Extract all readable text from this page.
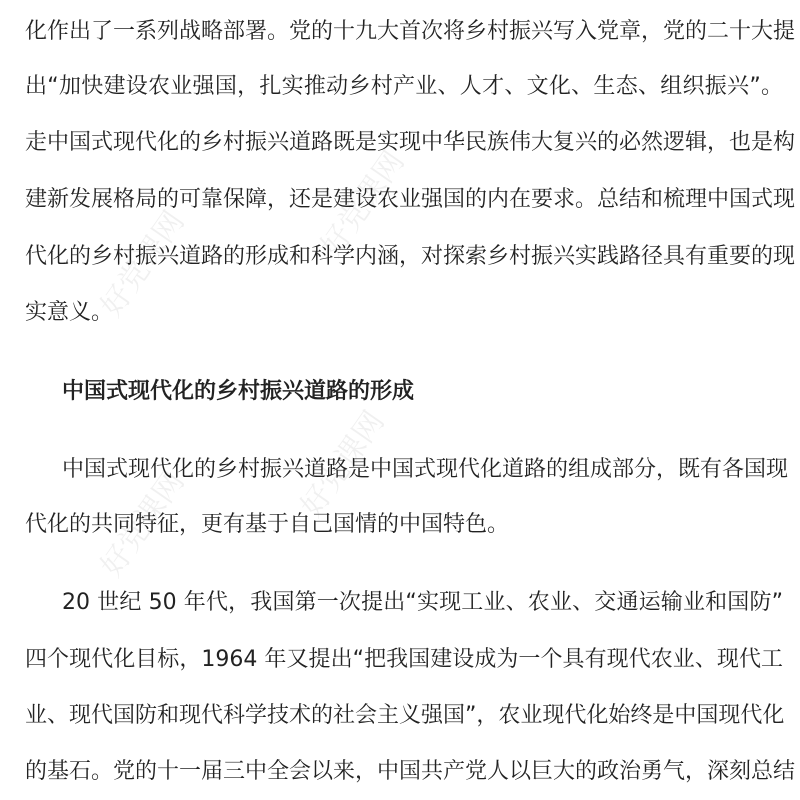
好党课网
好党课网
好党课网
好党课网
化作出了一系列战略部署。党的十九大首次将乡村振兴写入党章，党的二十大提
出“加快建设农业强国，扎实推动乡村产业、人才、文化、生态、组织振兴”。
走中国式现代化的乡村振兴道路既是实现中华民族伟大复兴的必然逻辑，也是构
建新发展格局的可靠保障，还是建设农业强国的内在要求。总结和梳理中国式现
代化的乡村振兴道路的形成和科学内涵，对探索乡村振兴实践路径具有重要的现
实意义。
中国式现代化的乡村振兴道路的形成
中国式现代化的乡村振兴道路是中国式现代化道路的组成部分，既有各国现
代化的共同特征，更有基于自己国情的中国特色。
20 世纪 50 年代，我国第一次提出“实现工业、农业、交通运输业和国防”
四个现代化目标，1964 年又提出“把我国建设成为一个具有现代农业、现代工
业、现代国防和现代科学技术的社会主义强国”，农业现代化始终是中国现代化
的基石。党的十一届三中全会以来，中国共产党人以巨大的政治勇气，深刻总结
